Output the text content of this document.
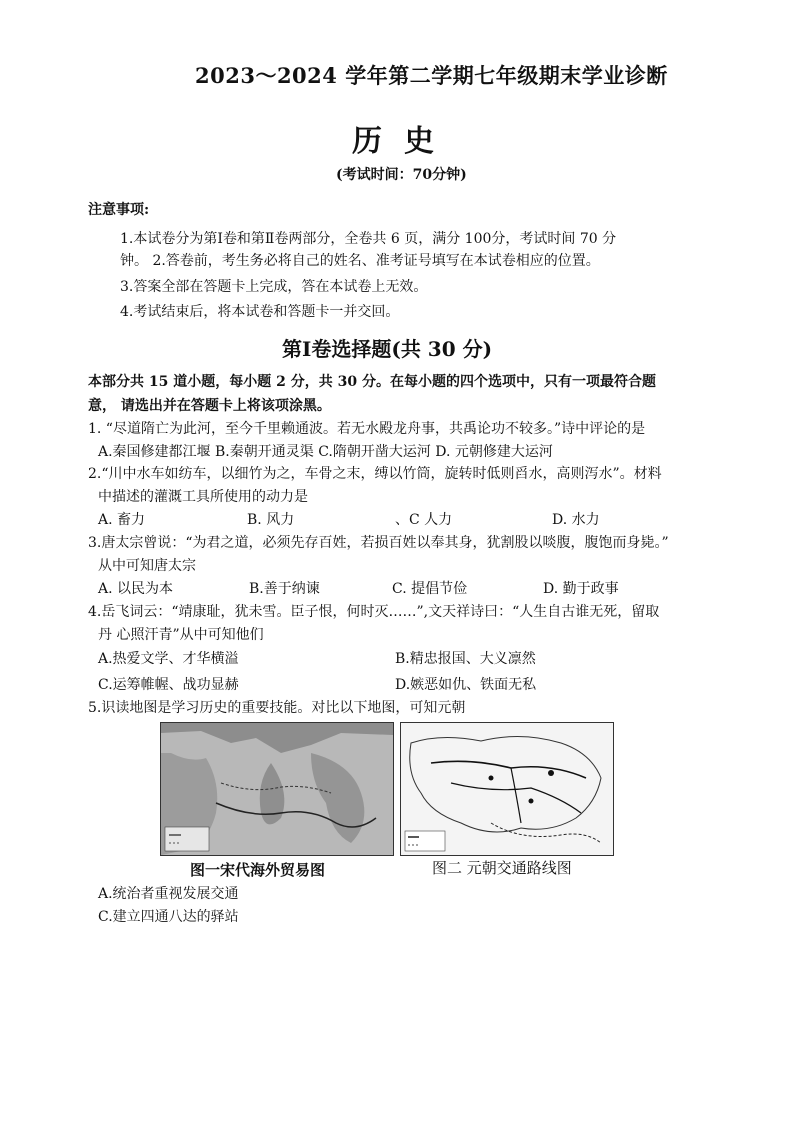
2023～2024 学年第二学期七年级期末学业诊断
历史
(考试时间：70分钟)
注意事项:
1.本试卷分为第Ⅰ卷和第Ⅱ卷两部分，全卷共 6 页，满分 100分，考试时间 70 分
钟。 2.答卷前，考生务必将自己的姓名、准考证号填写在本试卷相应的位置。
3.答案全部在答题卡上完成，答在本试卷上无效。
4.考试结束后，将本试卷和答题卡一并交回。
第Ⅰ卷选择题(共 30 分)
本部分共 15 道小题，每小题 2 分，共 30 分。在每小题的四个选项中，只有一项最符合题
意， 请选出并在答题卡上将该项涂黑。
1. “尽道隋亡为此河，至今千里赖通波。若无水殿龙舟事，共禹论功不较多。”诗中评论的是
A.秦国修建都江堰 B.秦朝开通灵渠 C.隋朝开凿大运河 D. 元朝修建大运河
2.“川中水车如纺车，以细竹为之，车骨之末，缚以竹筒，旋转时低则舀水，高则泻水”。材料
中描述的灌溉工具所使用的动力是
A. 畜力	B. 风力	、C 人力	D. 水力
3.唐太宗曾说：“为君之道，必须先存百姓，若损百姓以奉其身，犹割股以啖腹，腹饱而身毙。”
从中可知唐太宗
A. 以民为本	B.善于纳谏	C. 提倡节俭	D. 勤于政事
4.岳飞词云：“靖康耻，犹未雪。臣子恨，何时灭……”,文天祥诗曰：“人生自古谁无死，留取
丹 心照汗青”从中可知他们
A.热爱文学、才华横溢	B.精忠报国、大义凛然
C.运筹帷幄、战功显赫	D.嫉恶如仇、铁面无私
5.识读地图是学习历史的重要技能。对比以下地图，可知元朝
图一宋代海外贸易图	图二 元朝交通路线图
A.统治者重视发展交通
C.建立四通八达的驿站
